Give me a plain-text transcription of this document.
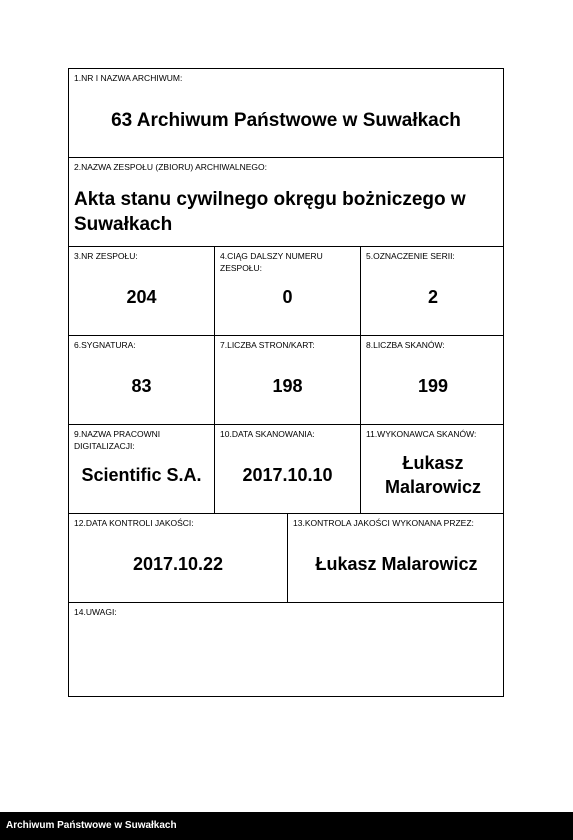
1.NR I NAZWA ARCHIWUM:
63 Archiwum Państwowe w Suwałkach
2.NAZWA ZESPOŁU (ZBIORU) ARCHIWALNEGO:
Akta stanu cywilnego okręgu bożniczego w Suwałkach
3.NR ZESPOŁU:
204
4.CIĄG DALSZY NUMERU ZESPOŁU:
0
5.OZNACZENIE SERII:
2
6.SYGNATURA:
83
7.LICZBA STRON/KART:
198
8.LICZBA SKANÓW:
199
9.NAZWA PRACOWNI DIGITALIZACJI:
Scientific S.A.
10.DATA SKANOWANIA:
2017.10.10
11.WYKONAWCA SKANÓW:
Łukasz Malarowicz
12.DATA KONTROLI JAKOŚCI:
2017.10.22
13.KONTROLA JAKOŚCI WYKONANA PRZEZ:
Łukasz Malarowicz
14.UWAGI:
Archiwum Państwowe w Suwałkach
